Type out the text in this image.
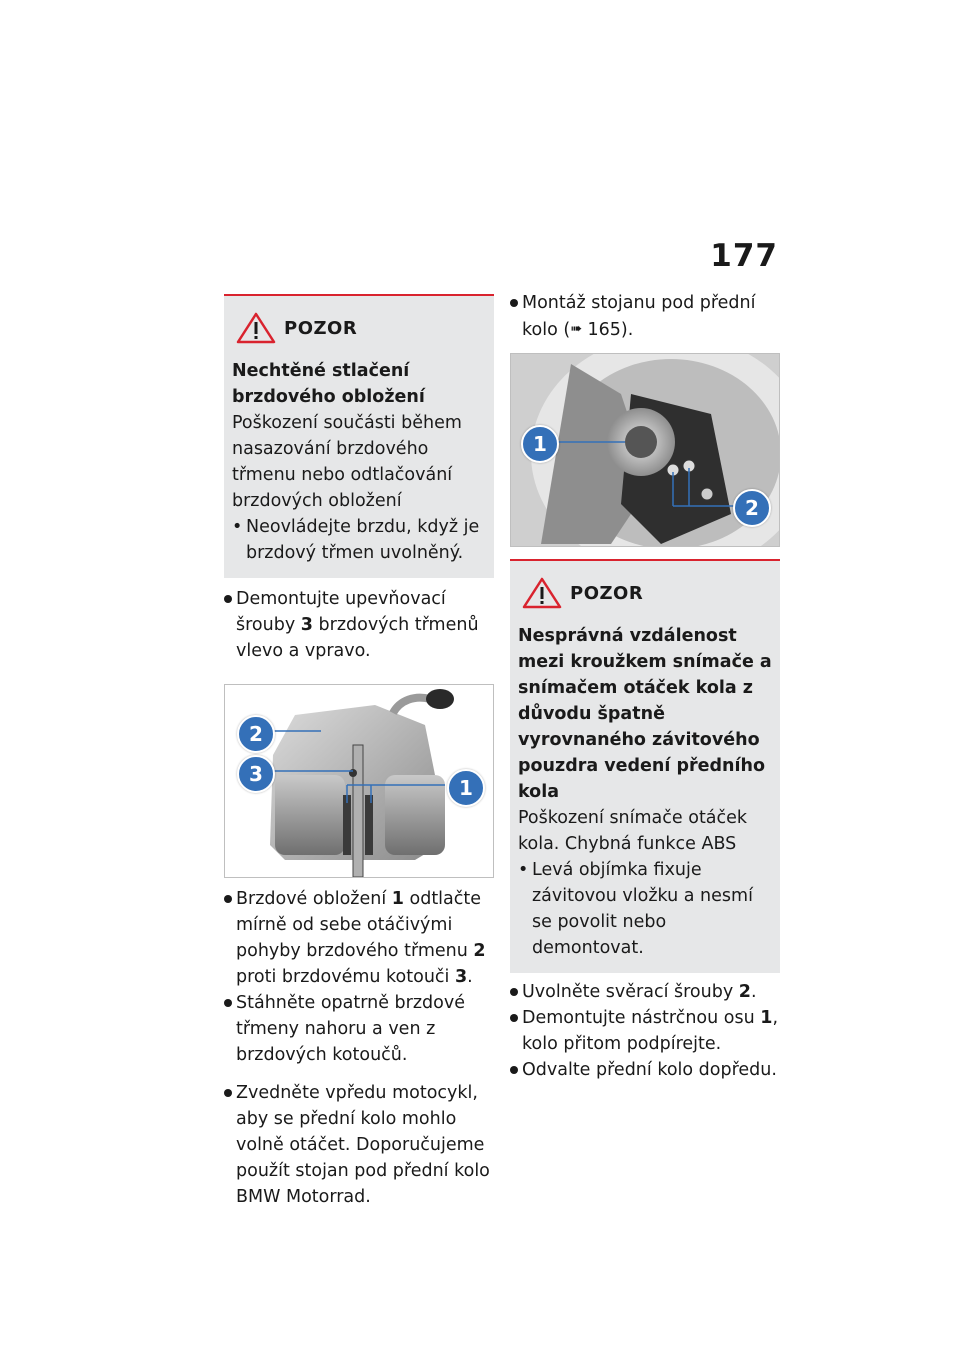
177
POZOR
Nechtěné stlačení brzdového obložení
Poškození součásti během nasazování brzdového třmenu nebo odtlačování brzdových obložení
• Neovládejte brzdu, když je brzdový třmen uvolněný.
Demontujte upevňovací šrouby 3 brzdových třmenů vlevo a vpravo.
2
3
1
Brzdové obložení 1 odtlačte mírně od sebe otáčivými pohyby brzdového třmenu 2 proti brzdovému kotouči 3.
Stáhněte opatrně brzdové třmeny nahoru a ven z brzdových kotoučů.
Zvedněte vpředu motocykl, aby se přední kolo mohlo volně otáčet. Doporučujeme použít stojan pod přední kolo BMW Motorrad.
Montáž stojanu pod přední kolo (➠ 165).
1
2
POZOR
Nesprávná vzdálenost mezi kroužkem snímače a snímačem otáček kola z důvodu špatně vyrovnaného závitového pouzdra vedení předního kola
Poškození snímače otáček kola. Chybná funkce ABS
• Levá objímka fixuje závitovou vložku a nesmí se povolit nebo demontovat.
Uvolněte svěrací šrouby 2.
Demontujte nástrčnou osu 1, kolo přitom podpírejte.
Odvalte přední kolo dopředu.
